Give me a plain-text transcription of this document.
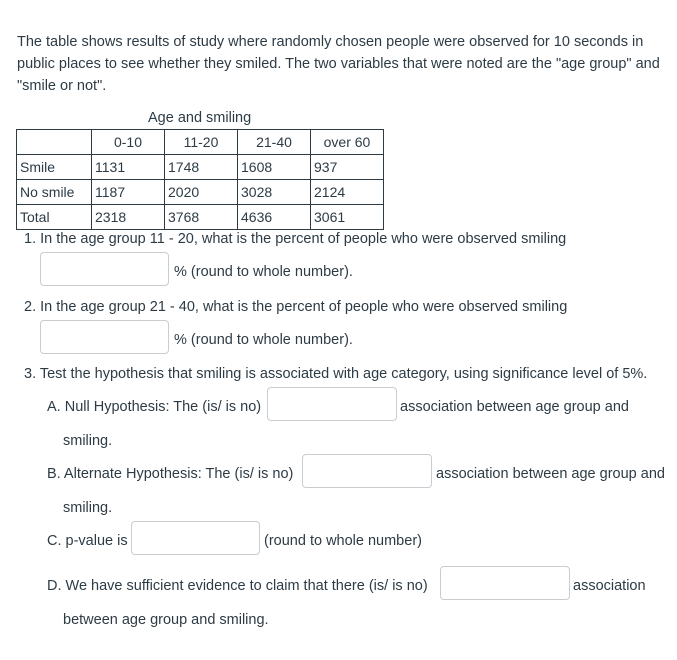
The table shows results of study where randomly chosen people were observed for 10 seconds in public places to see whether they smiled. The two variables that were noted are the "age group" and "smile or not".
Age and smiling
	0-10	11-20	21-40	over 60
Smile	1131	1748	1608	937
No smile	1187	2020	3028	2124
Total	2318	3768	4636	3061
1. In the age group 11 - 20, what is the percent of people who were observed smiling
% (round to whole number).
2. In the age group 21 - 40, what is the percent of people who were observed smiling
% (round to whole number).
3. Test the hypothesis that smiling is associated with age category, using significance level of 5%.
A. Null Hypothesis: The (is/ is no)	association between age group and
smiling.
B. Alternate Hypothesis: The (is/ is no)	association between age group and
smiling.
C. p-value is	(round to whole number)
D. We have sufficient evidence to claim that there (is/ is no)	association
between age group and smiling.
